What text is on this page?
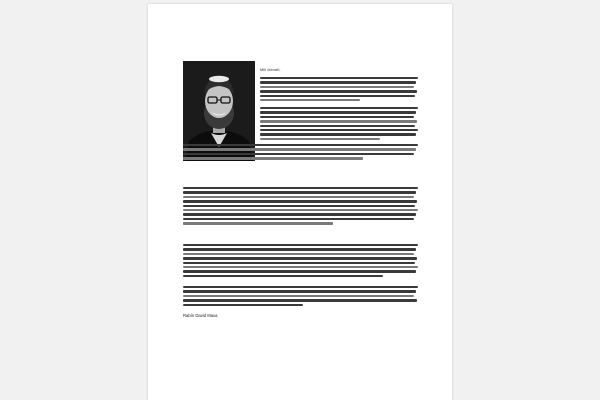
Milí čtenáři,
Rabín David Maxa
